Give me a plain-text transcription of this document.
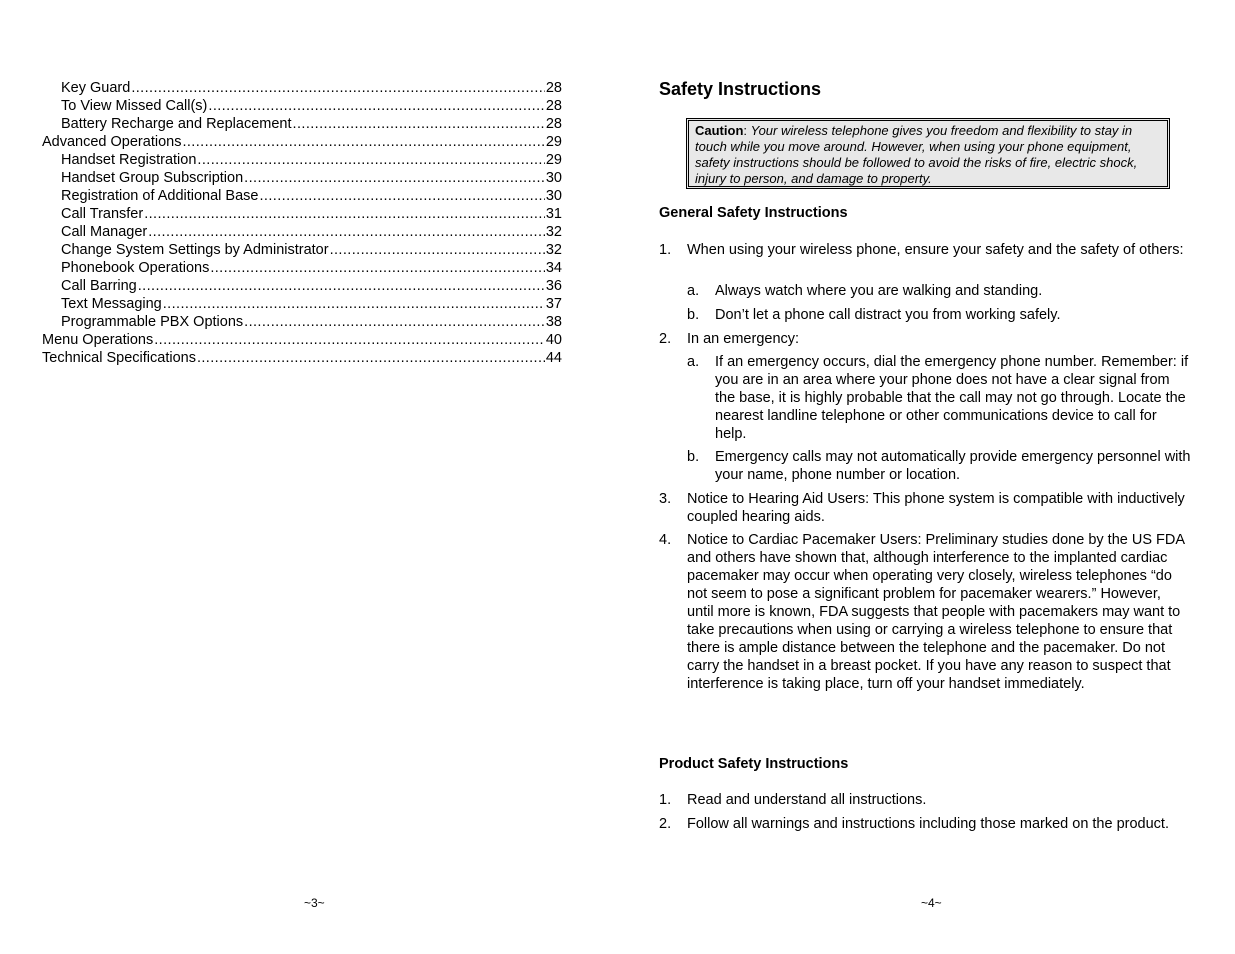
Key Guard .....	28
To View Missed Call(s) .....	28
Battery Recharge and Replacement .....	28
Advanced Operations .....	29
Handset Registration .....	29
Handset Group Subscription .....	30
Registration of Additional Base .....	30
Call Transfer .....	31
Call Manager .....	32
Change System Settings by Administrator .....	32
Phonebook Operations .....	34
Call Barring .....	36
Text Messaging .....	37
Programmable PBX Options .....	38
Menu Operations .....	40
Technical Specifications .....	44
~3~
Safety Instructions
Caution: Your wireless telephone gives you freedom and flexibility to stay in touch while you move around. However, when using your phone equipment, safety instructions should be followed to avoid the risks of fire, electric shock, injury to person, and damage to property.
General Safety Instructions
1.	When using your wireless phone, ensure your safety and the safety of others:
a.	Always watch where you are walking and standing.
b.	Don’t let a phone call distract you from working safely.
2.	In an emergency:
a.	If an emergency occurs, dial the emergency phone number. Remember: if you are in an area where your phone does not have a clear signal from the base, it is highly probable that the call may not go through. Locate the nearest landline telephone or other communications device to call for help.
b.	Emergency calls may not automatically provide emergency personnel with your name, phone number or location.
3.	Notice to Hearing Aid Users: This phone system is compatible with inductively coupled hearing aids.
4.	Notice to Cardiac Pacemaker Users: Preliminary studies done by the US FDA and others have shown that, although interference to the implanted cardiac pacemaker may occur when operating very closely, wireless telephones “do not seem to pose a significant problem for pacemaker wearers.” However, until more is known, FDA suggests that people with pacemakers may want to take precautions when using or carrying a wireless telephone to ensure that there is ample distance between the telephone and the pacemaker. Do not carry the handset in a breast pocket. If you have any reason to suspect that interference is taking place, turn off your handset immediately.
Product Safety Instructions
1.	Read and understand all instructions.
2.	Follow all warnings and instructions including those marked on the product.
~4~
